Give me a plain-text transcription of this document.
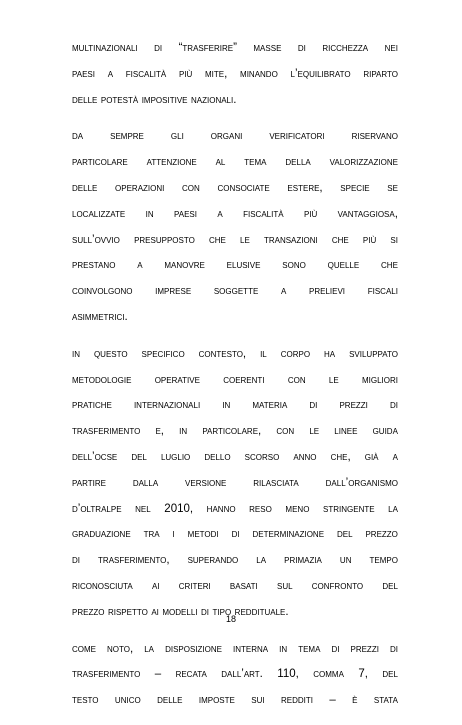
multinazionali di “trasferire” masse di ricchezza nei
paesi a fiscalità più mite, minando l’equilibrato riparto
delle potestà impositive nazionali.
da sempre gli organi verificatori riservano
particolare attenzione al tema della valorizzazione
delle operazioni con consociate estere, specie se
localizzate in paesi a fiscalità più vantaggiosa,
sull’ovvio presupposto che le transazioni che più si
prestano a manovre elusive sono quelle che
coinvolgono imprese soggette a prelievi fiscali
asimmetrici.
in questo specifico contesto, il corpo ha sviluppato
metodologie operative coerenti con le migliori
pratiche internazionali in materia di prezzi di
trasferimento e, in particolare, con le linee guida
dell’ocse del luglio dello scorso anno che, già a
partire dalla versione rilasciata dall’organismo
d’oltralpe nel 2010, hanno reso meno stringente la
graduazione tra i metodi di determinazione del prezzo
di trasferimento, superando la primazia un tempo
riconosciuta ai criteri basati sul confronto del
prezzo rispetto ai modelli di tipo reddituale.
come noto, la disposizione interna in tema di prezzi di
trasferimento – recata dall’art. 110, comma 7, del
testo unico delle imposte sui redditi – è stata
18
